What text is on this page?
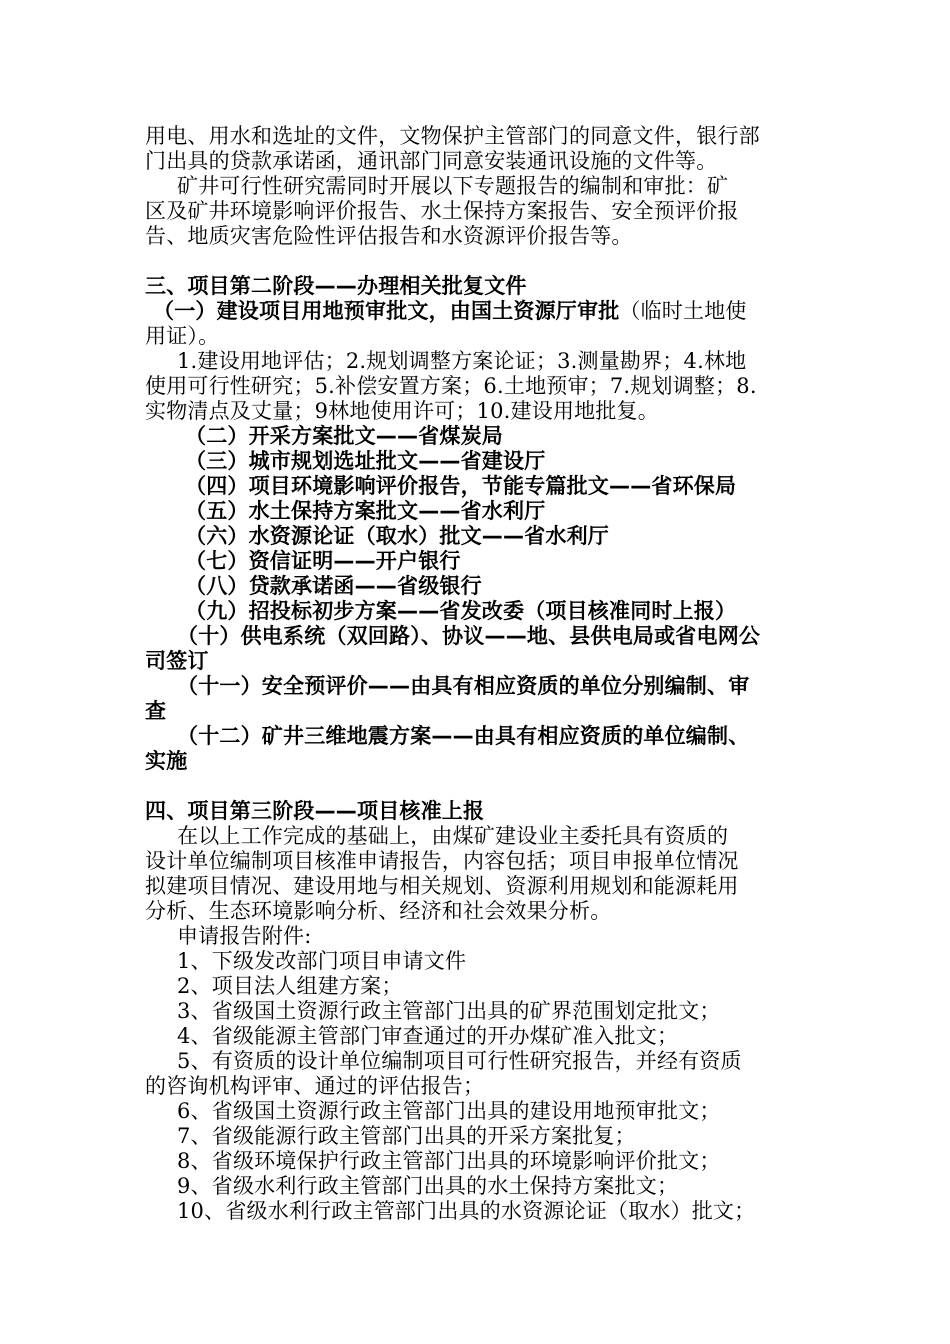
用电、用水和选址的文件，文物保护主管部门的同意文件，银行部
门出具的贷款承诺函，通讯部门同意安装通讯设施的文件等。
矿井可行性研究需同时开展以下专题报告的编制和审批：矿
区及矿井环境影响评价报告、水土保持方案报告、安全预评价报
告、地质灾害危险性评估报告和水资源评价报告等。
三、项目第二阶段——办理相关批复文件
（一）建设项目用地预审批文，由国土资源厅审批（临时土地使
用证）。
1.建设用地评估；2.规划调整方案论证；3.测量勘界；4.林地
使用可行性研究；5.补偿安置方案；6.土地预审；7.规划调整；8.
实物清点及丈量；9林地使用许可；10.建设用地批复。
（二）开采方案批文——省煤炭局
（三）城市规划选址批文——省建设厅
（四）项目环境影响评价报告，节能专篇批文——省环保局
（五）水土保持方案批文——省水利厅
（六）水资源论证（取水）批文——省水利厅
（七）资信证明——开户银行
（八）贷款承诺函——省级银行
（九）招投标初步方案——省发改委（项目核准同时上报）
（十）供电系统（双回路）、协议——地、县供电局或省电网公
司签订
（十一）安全预评价——由具有相应资质的单位分别编制、审
查
（十二）矿井三维地震方案——由具有相应资质的单位编制、
实施
四、项目第三阶段——项目核准上报
在以上工作完成的基础上，由煤矿建设业主委托具有资质的
设计单位编制项目核准申请报告，内容包括；项目申报单位情况
拟建项目情况、建设用地与相关规划、资源利用规划和能源耗用
分析、生态环境影响分析、经济和社会效果分析。
申请报告附件:
1、下级发改部门项目申请文件
2、项目法人组建方案；
3、省级国土资源行政主管部门出具的矿界范围划定批文；
4、省级能源主管部门审查通过的开办煤矿准入批文；
5、有资质的设计单位编制项目可行性研究报告，并经有资质
的咨询机构评审、通过的评估报告；
6、省级国土资源行政主管部门出具的建设用地预审批文；
7、省级能源行政主管部门出具的开采方案批复；
8、省级环境保护行政主管部门出具的环境影响评价批文；
9、省级水利行政主管部门出具的水土保持方案批文；
10、省级水利行政主管部门出具的水资源论证（取水）批文；
